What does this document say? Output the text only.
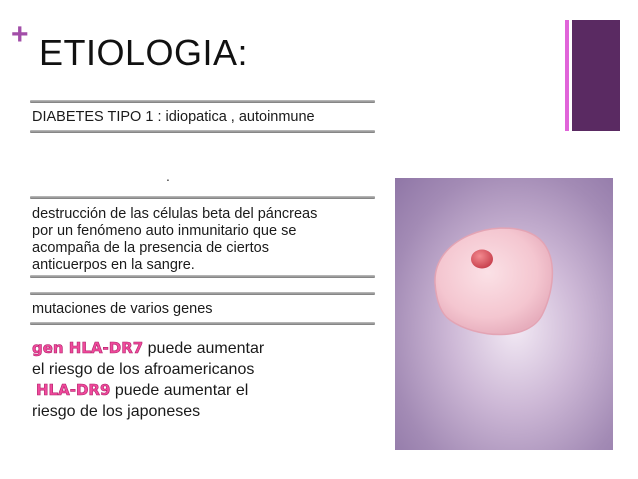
+ ETIOLOGIA:
DIABETES TIPO 1 : idiopatica , autoinmune
.
destrucción de las células beta del páncreas
por un fenómeno auto inmunitario que se
acompaña de la presencia de ciertos
anticuerpos en la sangre.
mutaciones de varios genes
gen HLA-DR7 puede aumentar
el riesgo de los afroamericanos
HLA-DR9 puede aumentar el
riesgo de los japoneses
